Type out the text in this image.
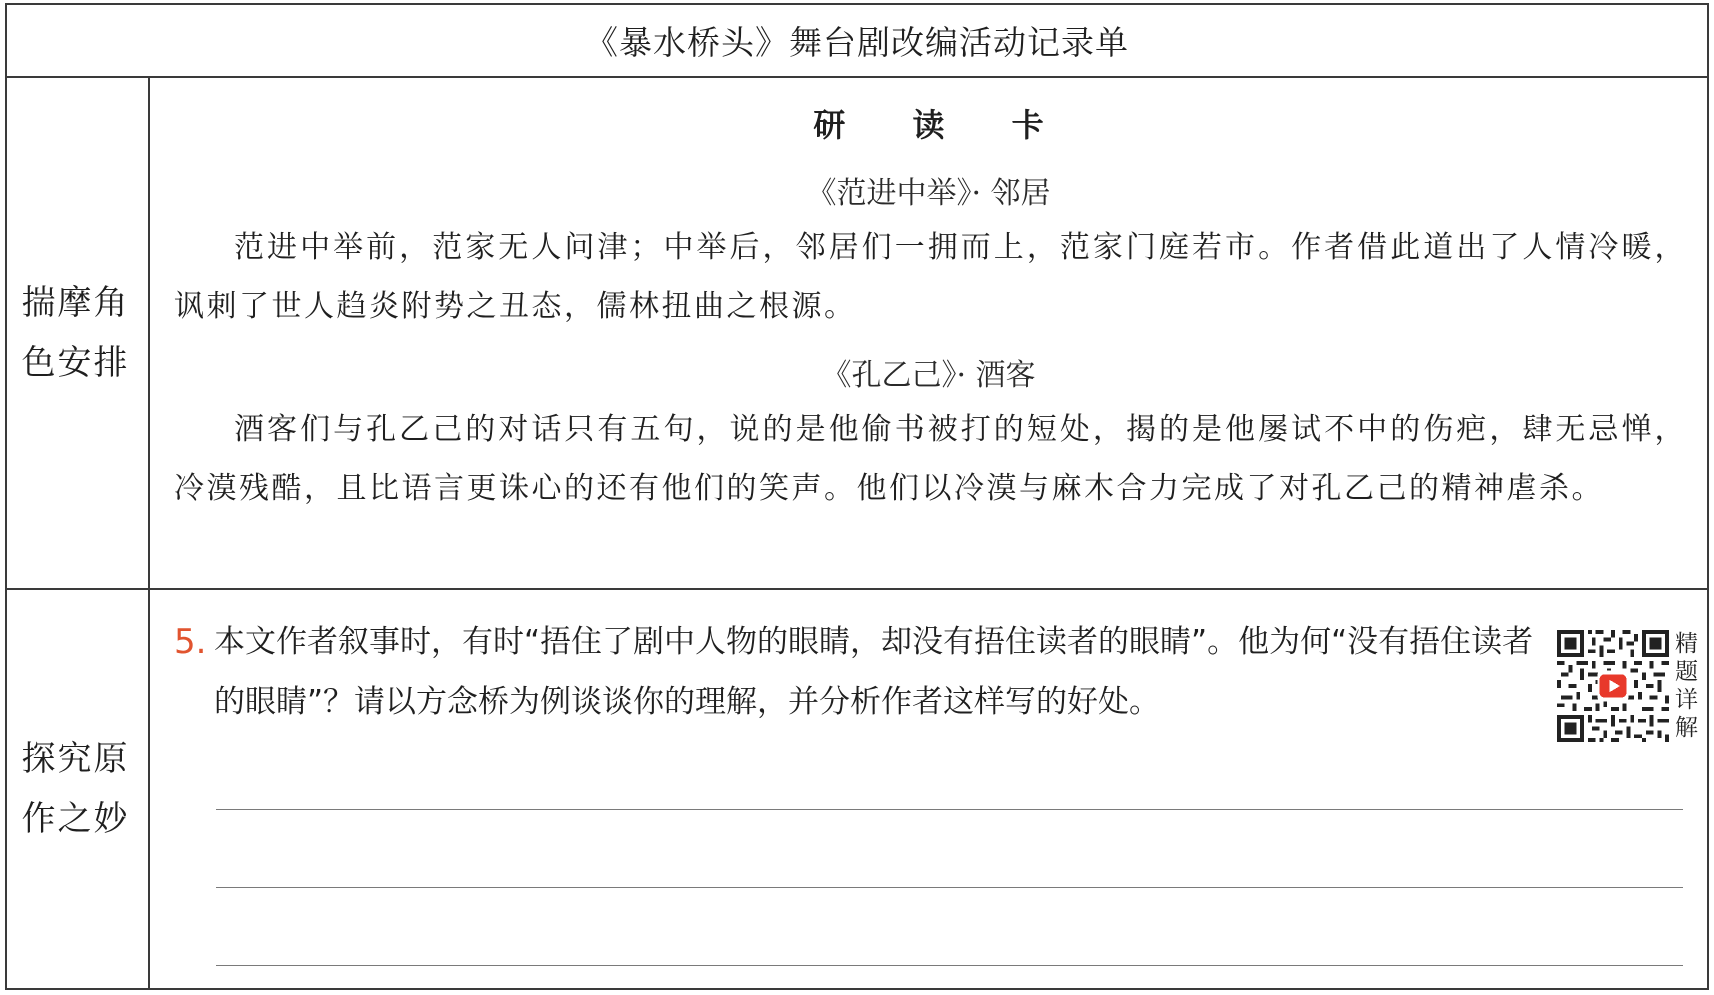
《暴水桥头》舞台剧改编活动记录单
揣摩角色安排
研 读 卡
《范进中举》· 邻居
范进中举前，范家无人问津；中举后，邻居们一拥而上，范家门庭若市。作者借此道出了人情冷暖，讽刺了世人趋炎附势之丑态，儒林扭曲之根源。
《孔乙己》· 酒客
酒客们与孔乙己的对话只有五句，说的是他偷书被打的短处，揭的是他屡试不中的伤疤，肆无忌惮，冷漠残酷，且比语言更诛心的还有他们的笑声。他们以冷漠与麻木合力完成了对孔乙己的精神虐杀。
探究原作之妙
5. 本文作者叙事时，有时“捂住了剧中人物的眼睛，却没有捂住读者的眼睛”。他为何“没有捂住读者的眼睛”？请以方念桥为例谈谈你的理解，并分析作者这样写的好处。
精题详解
